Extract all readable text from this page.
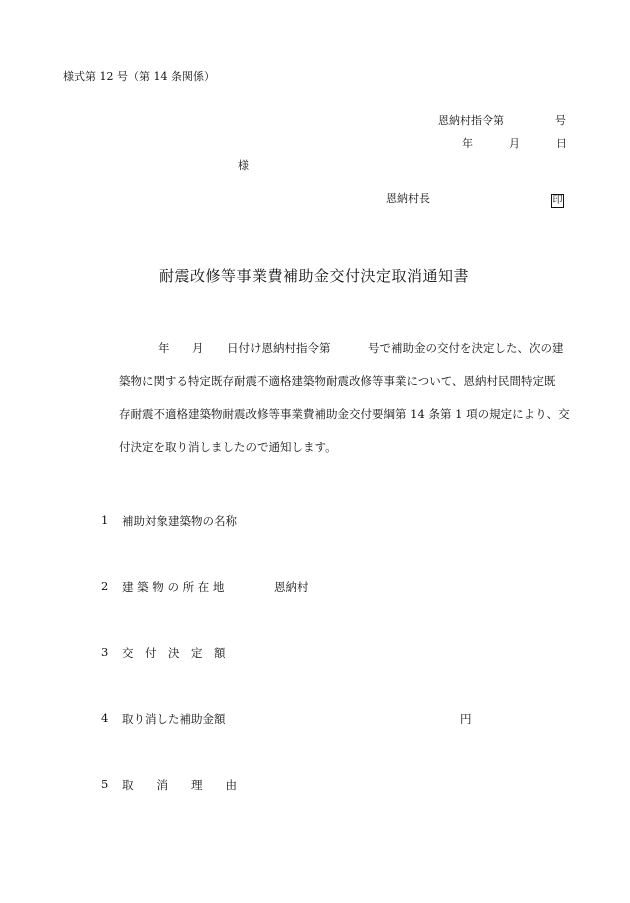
様式第 12 号（第 14 条関係）
恩納村指令第	号
年	月	日
様
恩納村長	印
耐震改修等事業費補助金交付決定取消通知書
年 月 日付け恩納村指令第	号で補助金の交付を決定した、次の建
築物に関する特定既存耐震不適格建築物耐震改修等事業について、恩納村民間特定既
存耐震不適格建築物耐震改修等事業費補助金交付要綱第 14 条第 1 項の規定により、交
付決定を取り消しましたので通知します。
1 補助対象建築物の名称
2 建 築 物 の 所 在 地	恩納村
3 交　付　決　定　額
4 取り消した補助金額	円
5 取　　消　　理　　由
